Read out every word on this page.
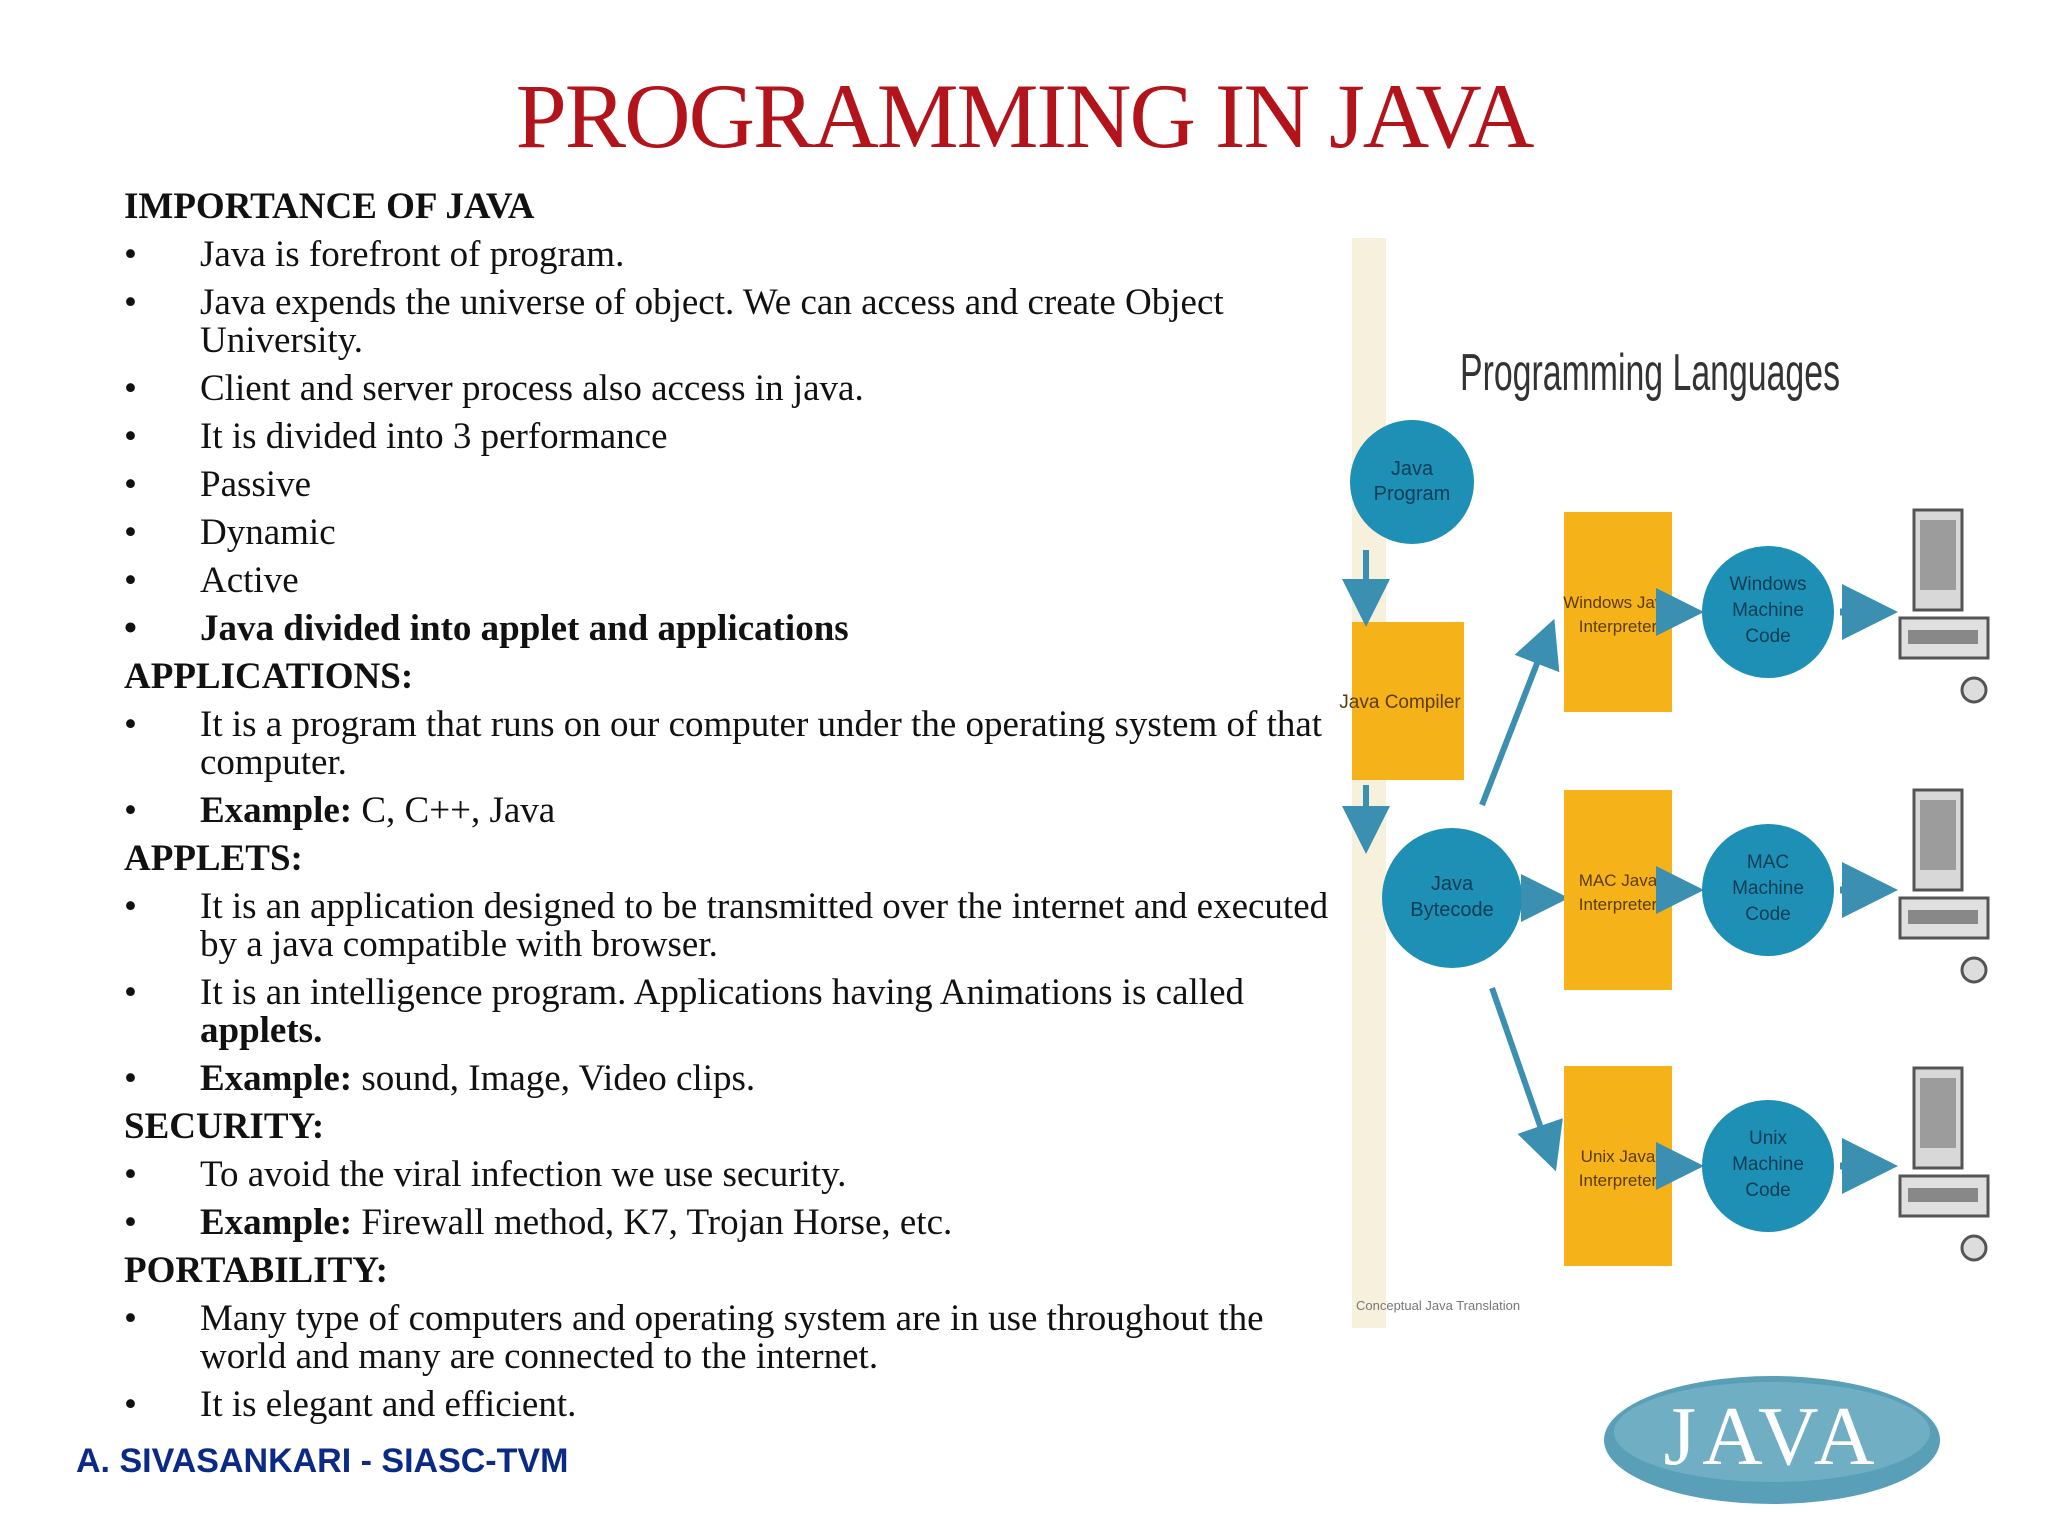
PROGRAMMING IN JAVA
IMPORTANCE OF JAVA
• Java is forefront of program.
• Java expends the universe of object. We can access and create Object University.
• Client and server process also access in java.
• It is divided into 3 performance
• Passive
• Dynamic
• Active
• Java divided into applet and applications
APPLICATIONS:
• It is a program that runs on our computer under the operating system of that computer.
• Example: C, C++, Java
APPLETS:
• It is an application designed to be transmitted over the internet and executed by a java compatible with browser.
• It is an intelligence program. Applications having Animations is called applets.
• Example: sound, Image, Video clips.
SECURITY:
• To avoid the viral infection we use security.
• Example: Firewall method, K7, Trojan Horse, etc.
PORTABILITY:
• Many type of computers and operating system are in use throughout the world and many are connected to the internet.
• It is elegant and efficient.
A. SIVASANKARI - SIASC-TVM
Programming Languages
Java
Program
Java Compiler
Java
Bytecode
Windows Java
Interpreter
MAC Java
Interpreter
Unix Java
Interpreter
Windows
Machine
Code
MAC
Machine
Code
Unix
Machine
Code
Conceptual Java Translation
JAVA
